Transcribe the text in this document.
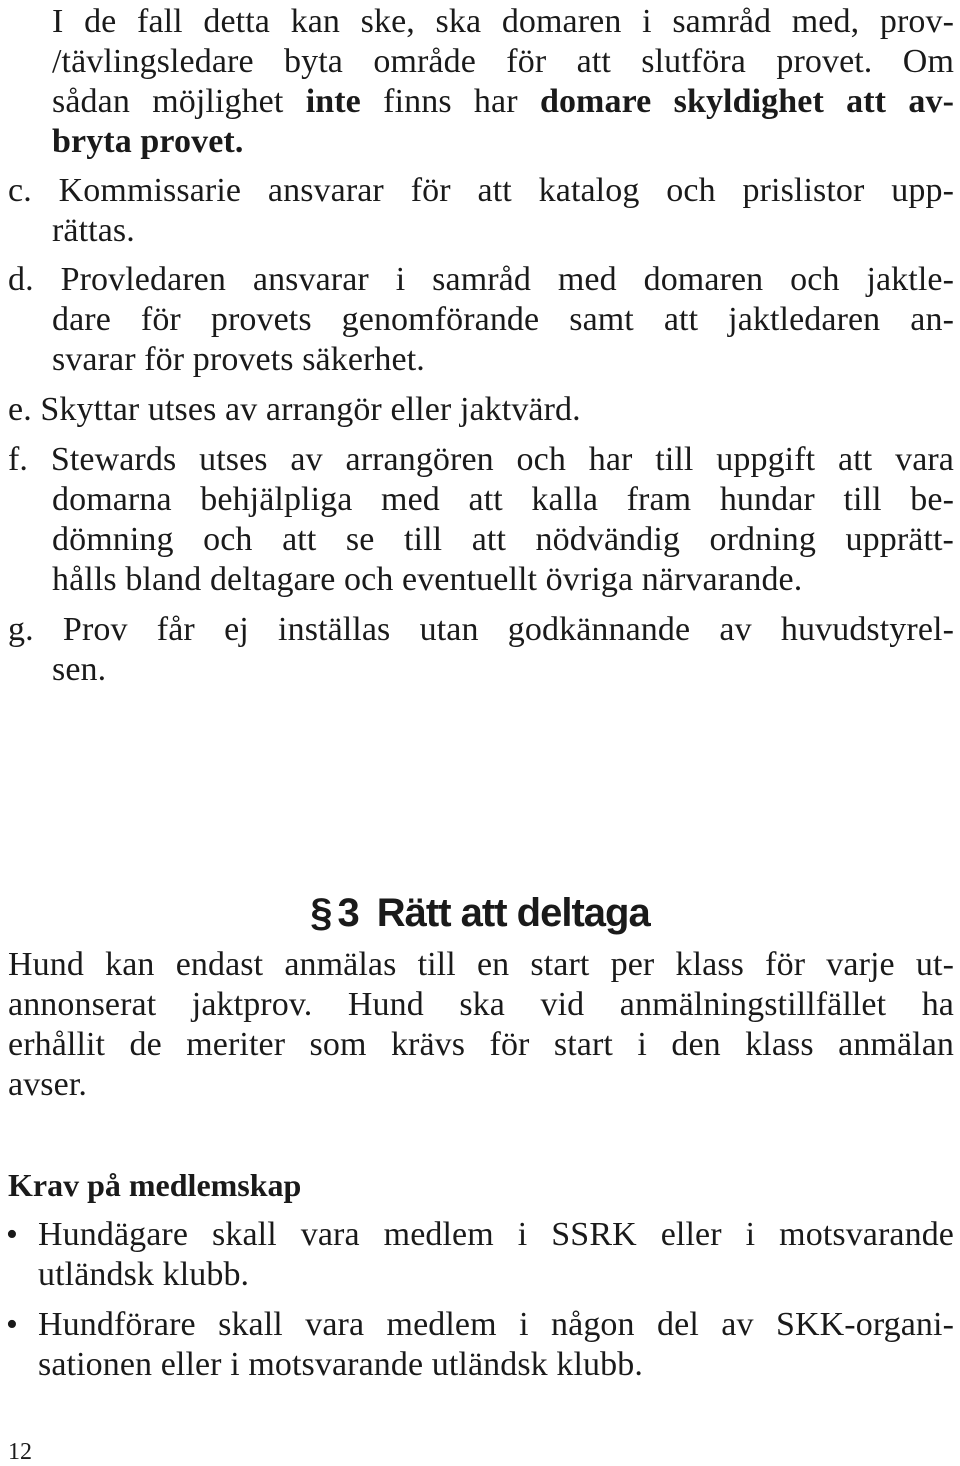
I de fall detta kan ske, ska domaren i samråd med, prov-
/tävlingsledare byta område för att slutföra provet. Om
sådan möjlighet inte finns har domare skyldighet att av-
bryta provet.
c. Kommissarie ansvarar för att katalog och prislistor upp-
rättas.
d. Provledaren ansvarar i samråd med domaren och jaktle-
dare för provets genomförande samt att jaktledaren an-
svarar för provets säkerhet.
e. Skyttar utses av arrangör eller jaktvärd.
f. Stewards utses av arrangören och har till uppgift att vara
domarna behjälpliga med att kalla fram hundar till be-
dömning och att se till att nödvändig ordning upprätt-
hålls bland deltagare och eventuellt övriga närvarande.
g. Prov får ej inställas utan godkännande av huvudstyrel-
sen.
§ 3 Rätt att deltaga
Hund kan endast anmälas till en start per klass för varje ut-
annonserat jaktprov. Hund ska vid anmälningstillfället ha
erhållit de meriter som krävs för start i den klass anmälan
avser.
Krav på medlemskap
• Hundägare skall vara medlem i SSRK eller i motsvarande
utländsk klubb.
• Hundförare skall vara medlem i någon del av SKK-organi-
sationen eller i motsvarande utländsk klubb.
12
